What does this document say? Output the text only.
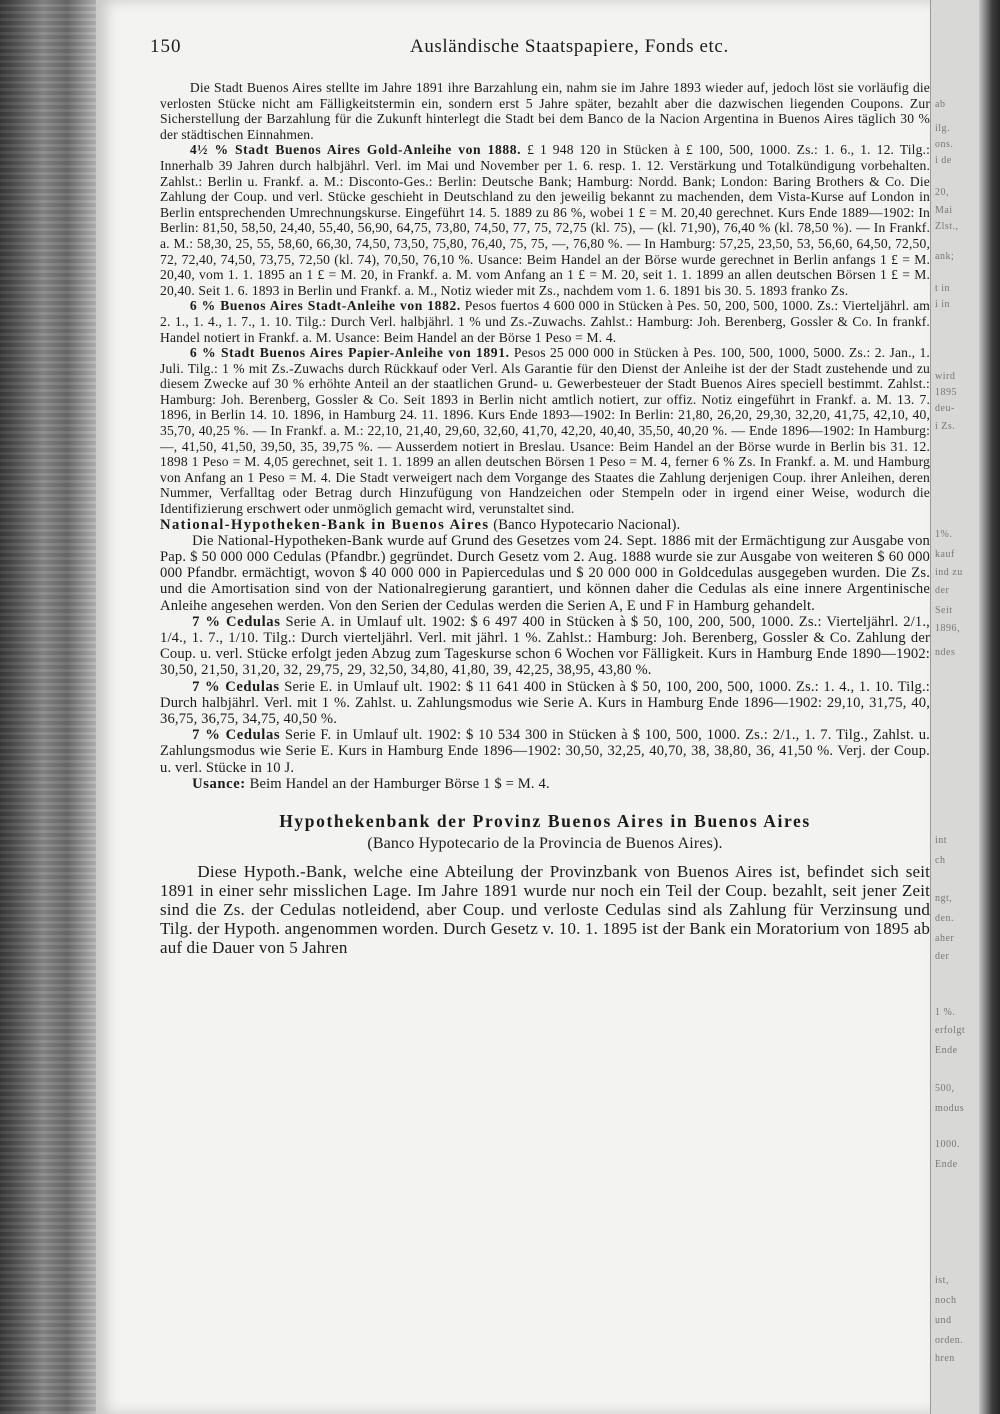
ab
ilg.
ons.
i de
20,
Mai
Zlst.,
ank;
t in
i in
wird
1895
deu-
i Zs.
1%.
kauf
ind zu
der
Seit
1896,
ndes
int
ch
ngt,
den.
aher
der
1 %.
erfolgt
Ende
500,
modus
1000.
Ende
ist,
noch
und
orden.
hren
150	Ausländische Staatspapiere, Fonds etc.

Die Stadt Buenos Aires stellte im Jahre 1891 ihre Barzahlung ein, nahm sie im Jahre 1893 wieder auf, jedoch löst sie vorläufig die verlosten Stücke nicht am Fälligkeitstermin ein, sondern erst 5 Jahre später, bezahlt aber die dazwischen liegenden Coupons. Zur Sicherstellung der Barzahlung für die Zukunft hinterlegt die Stadt bei dem Banco de la Nacion Argentina in Buenos Aires täglich 30 % der städtischen Einnahmen.

4½ % Stadt Buenos Aires Gold-Anleihe von 1888. £ 1 948 120 in Stücken à £ 100, 500, 1000. Zs.: 1. 6., 1. 12. Tilg.: Innerhalb 39 Jahren durch halbjährl. Verl. im Mai und November per 1. 6. resp. 1. 12. Verstärkung und Totalkündigung vorbehalten. Zahlst.: Berlin u. Frankf. a. M.: Disconto-Ges.: Berlin: Deutsche Bank; Hamburg: Nordd. Bank; London: Baring Brothers & Co. Die Zahlung der Coup. und verl. Stücke geschieht in Deutschland zu den jeweilig bekannt zu machenden, dem Vista-Kurse auf London in Berlin entsprechenden Umrechnungskurse. Eingeführt 14. 5. 1889 zu 86 %, wobei 1 £ = M. 20,40 gerechnet. Kurs Ende 1889—1902: In Berlin: 81,50, 58,50, 24,40, 55,40, 56,90, 64,75, 73,80, 74,50, 77, 75, 72,75 (kl. 75), — (kl. 71,90), 76,40 % (kl. 78,50 %). — In Frankf. a. M.: 58,30, 25, 55, 58,60, 66,30, 74,50, 73,50, 75,80, 76,40, 75, 75, —, 76,80 %. — In Hamburg: 57,25, 23,50, 53, 56,60, 64,50, 72,50, 72, 72,40, 74,50, 73,75, 72,50 (kl. 74), 70,50, 76,10 %. Usance: Beim Handel an der Börse wurde gerechnet in Berlin anfangs 1 £ = M. 20,40, vom 1. 1. 1895 an 1 £ = M. 20, in Frankf. a. M. vom Anfang an 1 £ = M. 20, seit 1. 1. 1899 an allen deutschen Börsen 1 £ = M. 20,40. Seit 1. 6. 1893 in Berlin und Frankf. a. M., Notiz wieder mit Zs., nachdem vom 1. 6. 1891 bis 30. 5. 1893 franko Zs.

6 % Buenos Aires Stadt-Anleihe von 1882. Pesos fuertos 4 600 000 in Stücken à Pes. 50, 200, 500, 1000. Zs.: Vierteljährl. am 2. 1., 1. 4., 1. 7., 1. 10. Tilg.: Durch Verl. halbjährl. 1 % und Zs.-Zuwachs. Zahlst.: Hamburg: Joh. Berenberg, Gossler & Co. In frankf. Handel notiert in Frankf. a. M. Usance: Beim Handel an der Börse 1 Peso = M. 4.

6 % Stadt Buenos Aires Papier-Anleihe von 1891. Pesos 25 000 000 in Stücken à Pes. 100, 500, 1000, 5000. Zs.: 2. Jan., 1. Juli. Tilg.: 1 % mit Zs.-Zuwachs durch Rückkauf oder Verl. Als Garantie für den Dienst der Anleihe ist der der Stadt zustehende und zu diesem Zwecke auf 30 % erhöhte Anteil an der staatlichen Grund- u. Gewerbesteuer der Stadt Buenos Aires speciell bestimmt. Zahlst.: Hamburg: Joh. Berenberg, Gossler & Co. Seit 1893 in Berlin nicht amtlich notiert, zur offiz. Notiz eingeführt in Frankf. a. M. 13. 7. 1896, in Berlin 14. 10. 1896, in Hamburg 24. 11. 1896. Kurs Ende 1893—1902: In Berlin: 21,80, 26,20, 29,30, 32,20, 41,75, 42,10, 40, 35,70, 40,25 %. — In Frankf. a. M.: 22,10, 21,40, 29,60, 32,60, 41,70, 42,20, 40,40, 35,50, 40,20 %. — Ende 1896—1902: In Hamburg: —, 41,50, 41,50, 39,50, 35, 39,75 %. — Ausserdem notiert in Breslau. Usance: Beim Handel an der Börse wurde in Berlin bis 31. 12. 1898 1 Peso = M. 4,05 gerechnet, seit 1. 1. 1899 an allen deutschen Börsen 1 Peso = M. 4, ferner 6 % Zs. In Frankf. a. M. und Hamburg von Anfang an 1 Peso = M. 4. Die Stadt verweigert nach dem Vorgange des Staates die Zahlung derjenigen Coup. ihrer Anleihen, deren Nummer, Verfalltag oder Betrag durch Hinzufügung von Handzeichen oder Stempeln oder in irgend einer Weise, wodurch die Identifizierung erschwert oder unmöglich gemacht wird, verunstaltet sind.

National-Hypotheken-Bank in Buenos Aires (Banco Hypotecario Nacional).

Die National-Hypotheken-Bank wurde auf Grund des Gesetzes vom 24. Sept. 1886 mit der Ermächtigung zur Ausgabe von Pap. $ 50 000 000 Cedulas (Pfandbr.) gegründet. Durch Gesetz vom 2. Aug. 1888 wurde sie zur Ausgabe von weiteren $ 60 000 000 Pfandbr. ermächtigt, wovon $ 40 000 000 in Papiercedulas und $ 20 000 000 in Goldcedulas ausgegeben wurden. Die Zs. und die Amortisation sind von der Nationalregierung garantiert, und können daher die Cedulas als eine innere Argentinische Anleihe angesehen werden. Von den Serien der Cedulas werden die Serien A, E und F in Hamburg gehandelt.

7 % Cedulas Serie A. in Umlauf ult. 1902: $ 6 497 400 in Stücken à $ 50, 100, 200, 500, 1000. Zs.: Vierteljährl. 2/1., 1/4., 1. 7., 1/10. Tilg.: Durch vierteljährl. Verl. mit jährl. 1 %. Zahlst.: Hamburg: Joh. Berenberg, Gossler & Co. Zahlung der Coup. u. verl. Stücke erfolgt jeden Abzug zum Tageskurse schon 6 Wochen vor Fälligkeit. Kurs in Hamburg Ende 1890—1902: 30,50, 21,50, 31,20, 32, 29,75, 29, 32,50, 34,80, 41,80, 39, 42,25, 38,95, 43,80 %.

7 % Cedulas Serie E. in Umlauf ult. 1902: $ 11 641 400 in Stücken à $ 50, 100, 200, 500, 1000. Zs.: 1. 4., 1. 10. Tilg.: Durch halbjährl. Verl. mit 1 %. Zahlst. u. Zahlungsmodus wie Serie A. Kurs in Hamburg Ende 1896—1902: 29,10, 31,75, 40, 36,75, 36,75, 34,75, 40,50 %.

7 % Cedulas Serie F. in Umlauf ult. 1902: $ 10 534 300 in Stücken à $ 100, 500, 1000. Zs.: 2/1., 1. 7. Tilg., Zahlst. u. Zahlungsmodus wie Serie E. Kurs in Hamburg Ende 1896—1902: 30,50, 32,25, 40,70, 38, 38,80, 36, 41,50 %. Verj. der Coup. u. verl. Stücke in 10 J.

Usance: Beim Handel an der Hamburger Börse 1 $ = M. 4.

Hypothekenbank der Provinz Buenos Aires in Buenos Aires

(Banco Hypotecario de la Provincia de Buenos Aires).

Diese Hypoth.-Bank, welche eine Abteilung der Provinzbank von Buenos Aires ist, befindet sich seit 1891 in einer sehr misslichen Lage. Im Jahre 1891 wurde nur noch ein Teil der Coup. bezahlt, seit jener Zeit sind die Zs. der Cedulas notleidend, aber Coup. und verloste Cedulas sind als Zahlung für Verzinsung und Tilg. der Hypoth. angenommen worden. Durch Gesetz v. 10. 1. 1895 ist der Bank ein Moratorium von 1895 ab auf die Dauer von 5 Jahren
